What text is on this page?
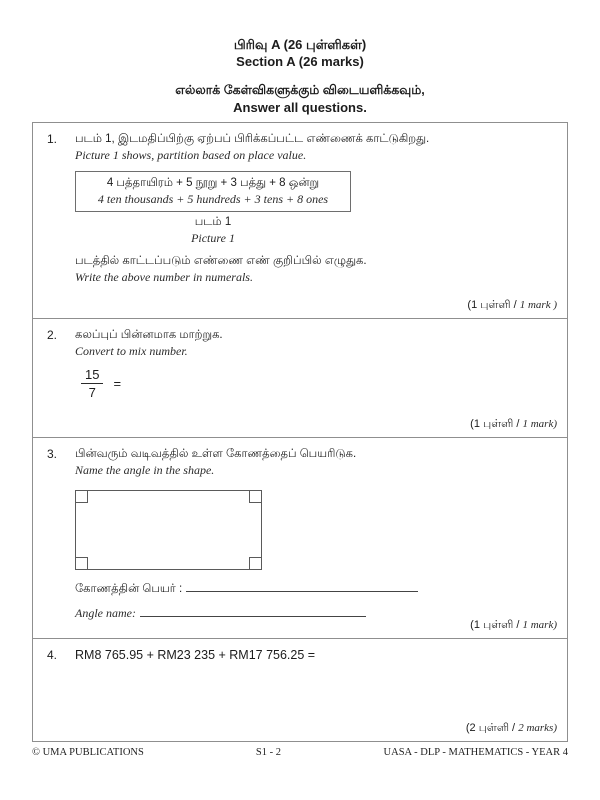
பிரிவு A (26 புள்ளிகள்)
Section A (26 marks)
எல்லாக் கேள்விகளுக்கும் விடையளிக்கவும்,
Answer all questions.
1.	படம் 1, இடமதிப்பிற்கு ஏற்பப் பிரிக்கப்பட்ட எண்ணைக் காட்டுகிறது.
Picture 1 shows, partition based on place value.
4 பத்தாயிரம் + 5 நூறு + 3 பத்து + 8 ஒன்று
4 ten thousands + 5 hundreds + 3 tens + 8 ones
படம் 1
Picture 1
படத்தில் காட்டப்படும் எண்ணை எண் குறிப்பில் எழுதுக.
Write the above number in numerals.
(1 புள்ளி / 1 mark )
2.	கலப்புப் பின்னமாக மாற்றுக.
Convert to mix number.
$\frac{15}{7}$ =
(1 புள்ளி / 1 mark)
3.	பின்வரும் வடிவத்தில் உள்ள கோணத்தைப் பெயரிடுக.
Name the angle in the shape.
கோணத்தின் பெயர் :
Angle name:
(1 புள்ளி / 1 mark)
4.	RM8 765.95 + RM23 235 + RM17 756.25 =
(2 புள்ளி / 2 marks)
© UMA PUBLICATIONS	S1 - 2	UASA - DLP - MATHEMATICS - YEAR 4
